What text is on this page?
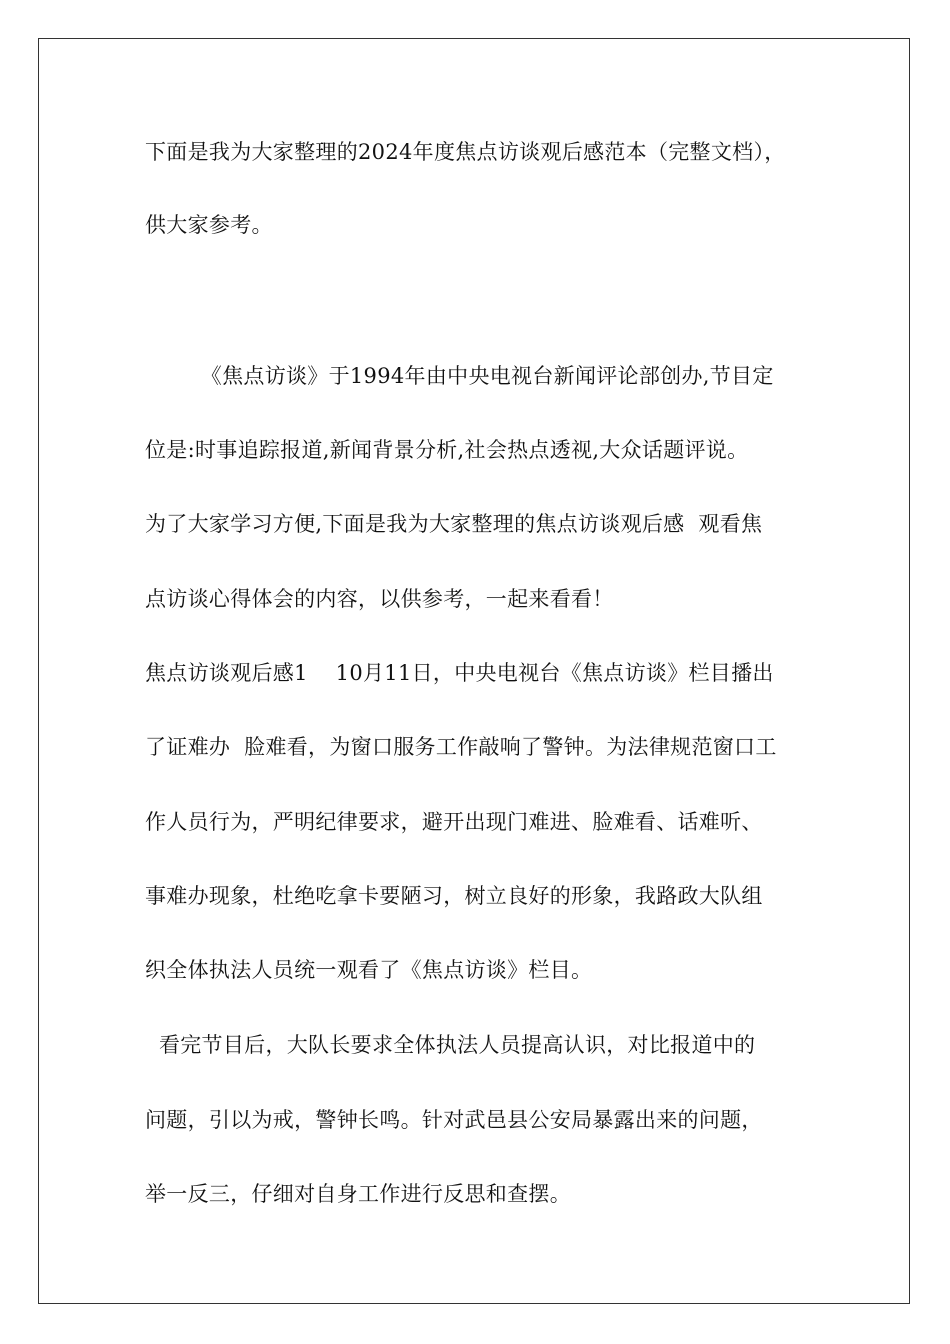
下面是我为大家整理的2024年度焦点访谈观后感范本（完整文档），
供大家参考。
《焦点访谈》于1994年由中央电视台新闻评论部创办,节目定
位是:时事追踪报道,新闻背景分析,社会热点透视,大众话题评说。
为了大家学习方便,下面是我为大家整理的焦点访谈观后感  观看焦
点访谈心得体会的内容，以供参考，一起来看看！
焦点访谈观后感1    10月11日，中央电视台《焦点访谈》栏目播出
了证难办  脸难看，为窗口服务工作敲响了警钟。为法律规范窗口工
作人员行为，严明纪律要求，避开出现门难进、脸难看、话难听、
事难办现象，杜绝吃拿卡要陋习，树立良好的形象，我路政大队组
织全体执法人员统一观看了《焦点访谈》栏目。
看完节目后，大队长要求全体执法人员提高认识，对比报道中的
问题，引以为戒，警钟长鸣。针对武邑县公安局暴露出来的问题，
举一反三，仔细对自身工作进行反思和查摆。
